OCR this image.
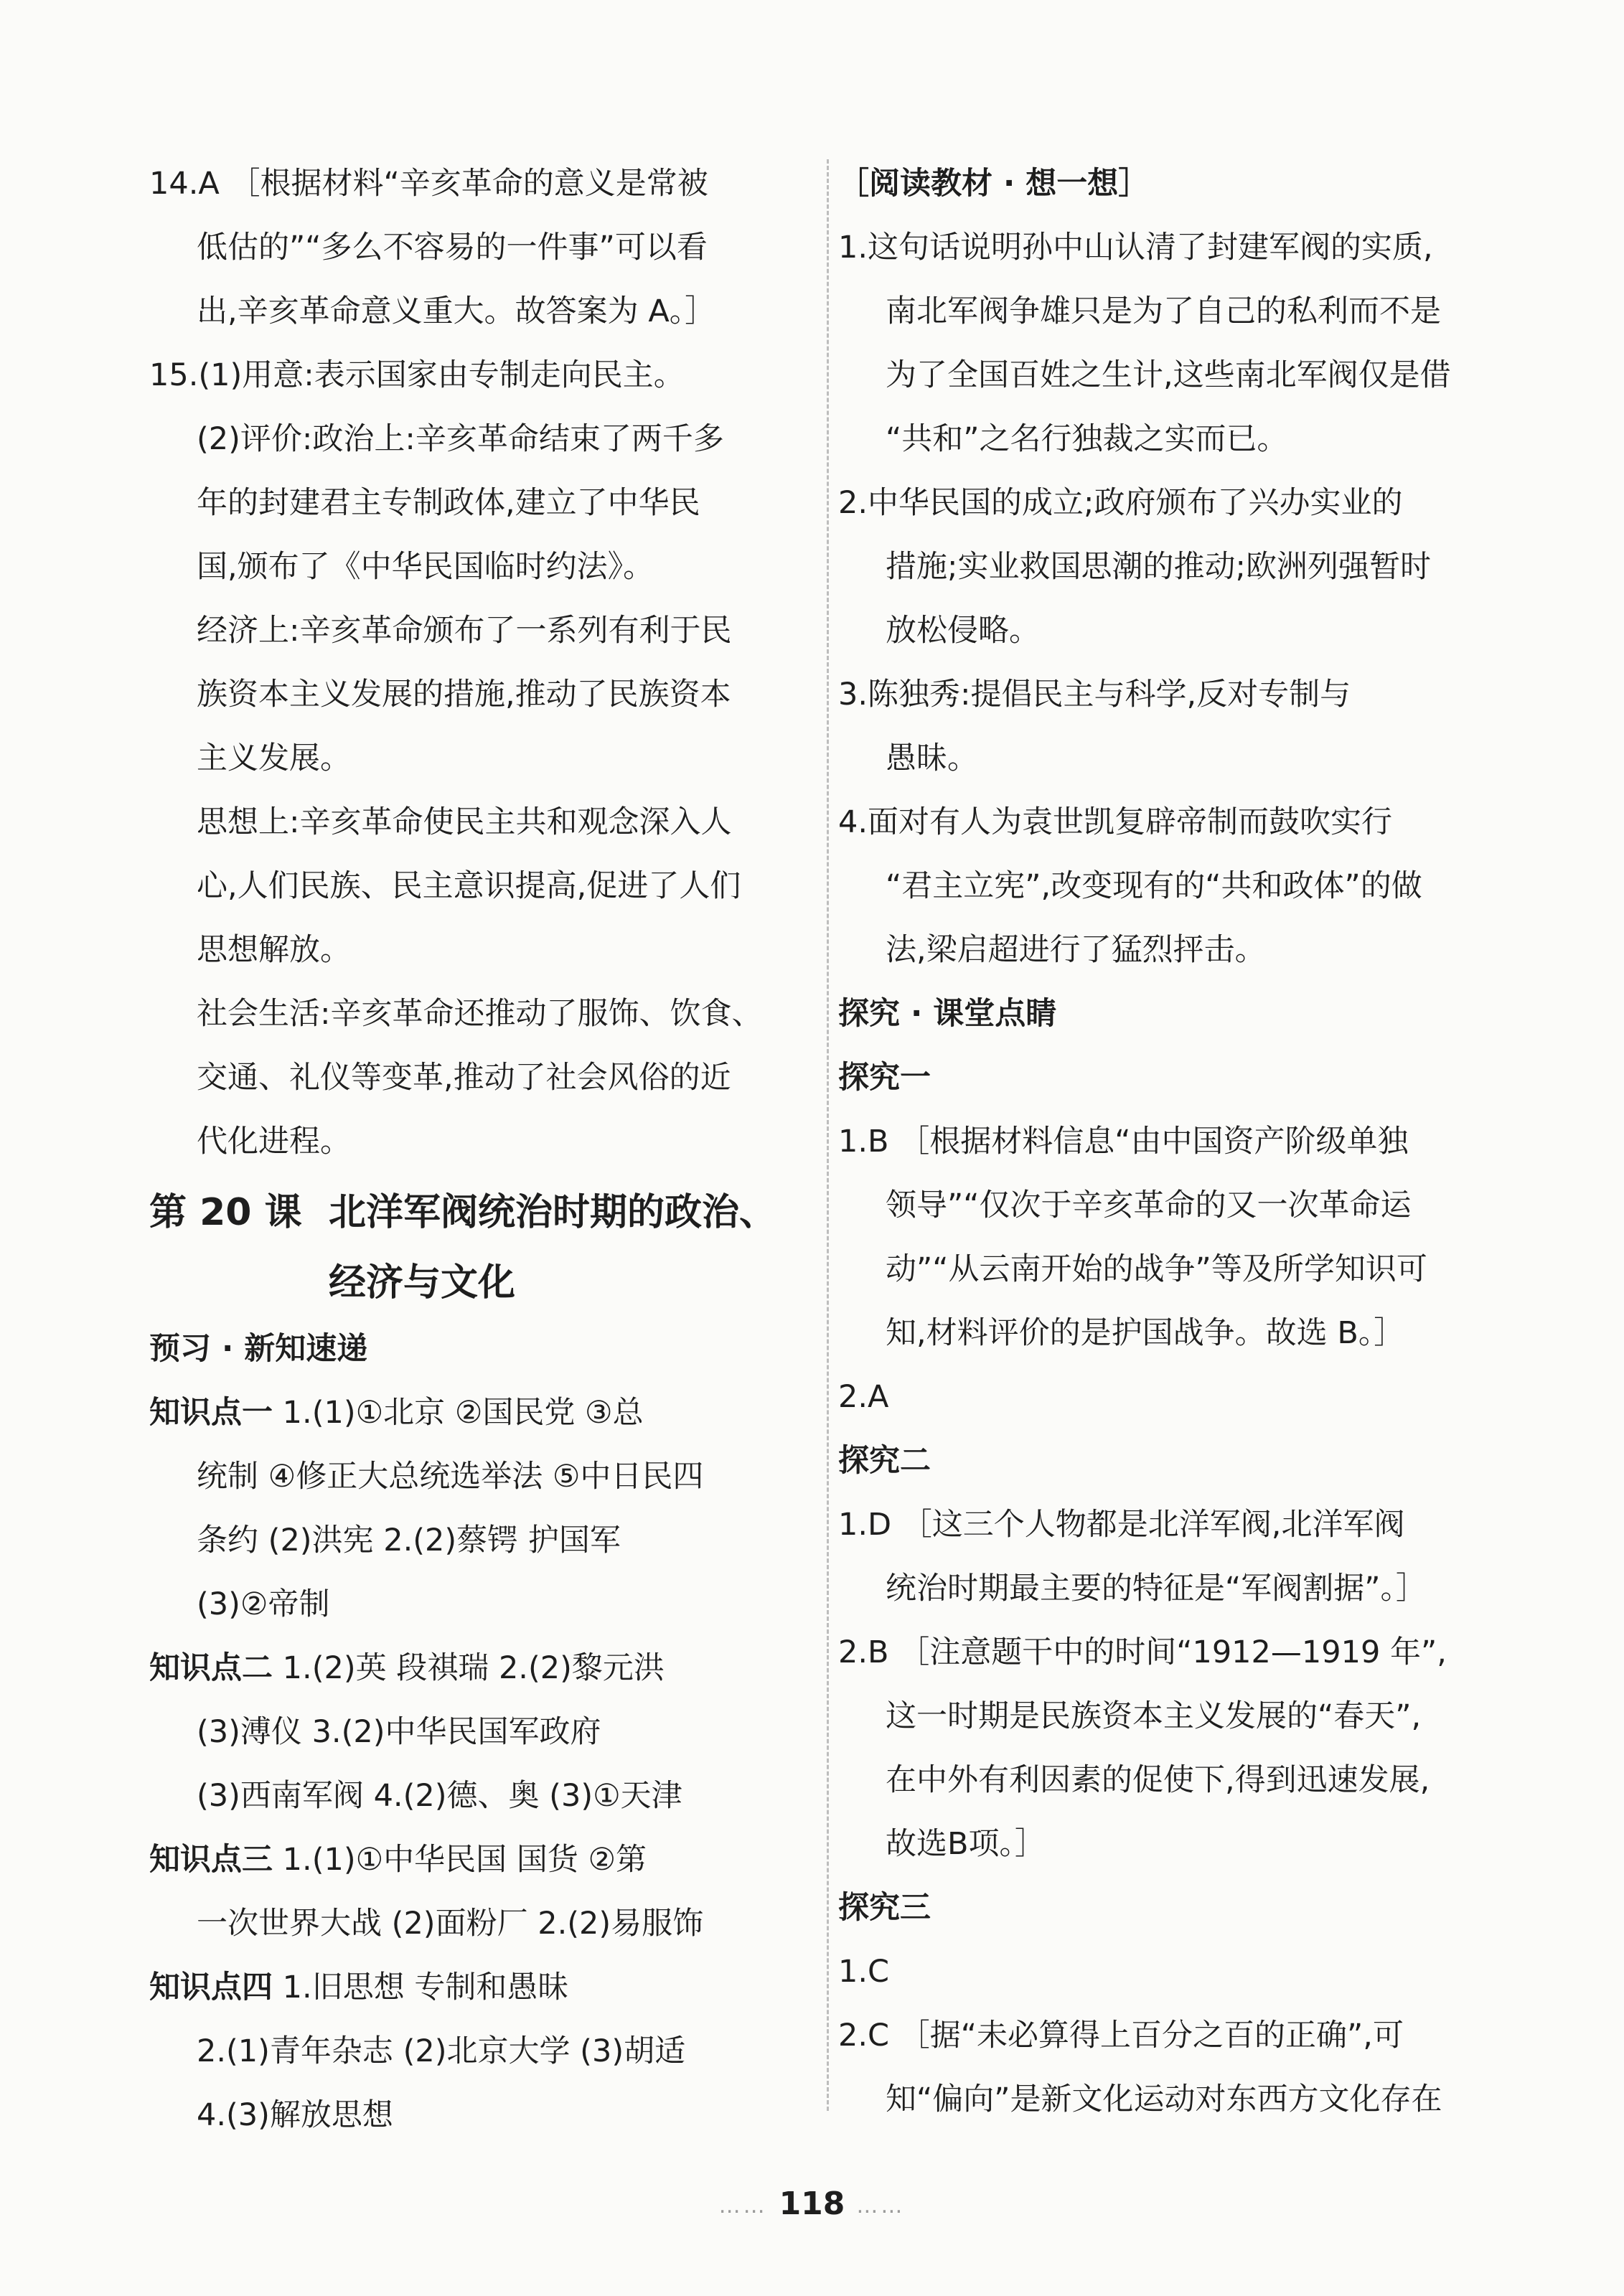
14.A ［根据材料“辛亥革命的意义是常被
低估的”“多么不容易的一件事”可以看
出,辛亥革命意义重大。故答案为 A。］
15.(1)用意:表示国家由专制走向民主。
(2)评价:政治上:辛亥革命结束了两千多
年的封建君主专制政体,建立了中华民
国,颁布了《中华民国临时约法》。
经济上:辛亥革命颁布了一系列有利于民
族资本主义发展的措施,推动了民族资本
主义发展。
思想上:辛亥革命使民主共和观念深入人
心,人们民族、民主意识提高,促进了人们
思想解放。
社会生活:辛亥革命还推动了服饰、饮食、
交通、礼仪等变革,推动了社会风俗的近
代化进程。
第 20 课 北洋军阀统治时期的政治、
经济与文化
预习 · 新知速递
知识点一 1.(1)①北京 ②国民党 ③总
统制 ④修正大总统选举法 ⑤中日民四
条约 (2)洪宪 2.(2)蔡锷 护国军
(3)②帝制
知识点二 1.(2)英 段祺瑞 2.(2)黎元洪
(3)溥仪 3.(2)中华民国军政府
(3)西南军阀 4.(2)德、奥 (3)①天津
知识点三 1.(1)①中华民国 国货 ②第
一次世界大战 (2)面粉厂 2.(2)易服饰
知识点四 1.旧思想 专制和愚昧
2.(1)青年杂志 (2)北京大学 (3)胡适
4.(3)解放思想
［阅读教材 · 想一想］
1.这句话说明孙中山认清了封建军阀的实质,
南北军阀争雄只是为了自己的私利而不是
为了全国百姓之生计,这些南北军阀仅是借
“共和”之名行独裁之实而已。
2.中华民国的成立;政府颁布了兴办实业的
措施;实业救国思潮的推动;欧洲列强暂时
放松侵略。
3.陈独秀:提倡民主与科学,反对专制与
愚昧。
4.面对有人为袁世凯复辟帝制而鼓吹实行
“君主立宪”,改变现有的“共和政体”的做
法,梁启超进行了猛烈抨击。
探究 · 课堂点睛
探究一
1.B ［根据材料信息“由中国资产阶级单独
领导”“仅次于辛亥革命的又一次革命运
动”“从云南开始的战争”等及所学知识可
知,材料评价的是护国战争。故选 B。］
2.A
探究二
1.D ［这三个人物都是北洋军阀,北洋军阀
统治时期最主要的特征是“军阀割据”。］
2.B ［注意题干中的时间“1912—1919 年”,
这一时期是民族资本主义发展的“春天”,
在中外有利因素的促使下,得到迅速发展,
故选B项。］
探究三
1.C
2.C ［据“未必算得上百分之百的正确”,可
知“偏向”是新文化运动对东西方文化存在
…… 118 ……
